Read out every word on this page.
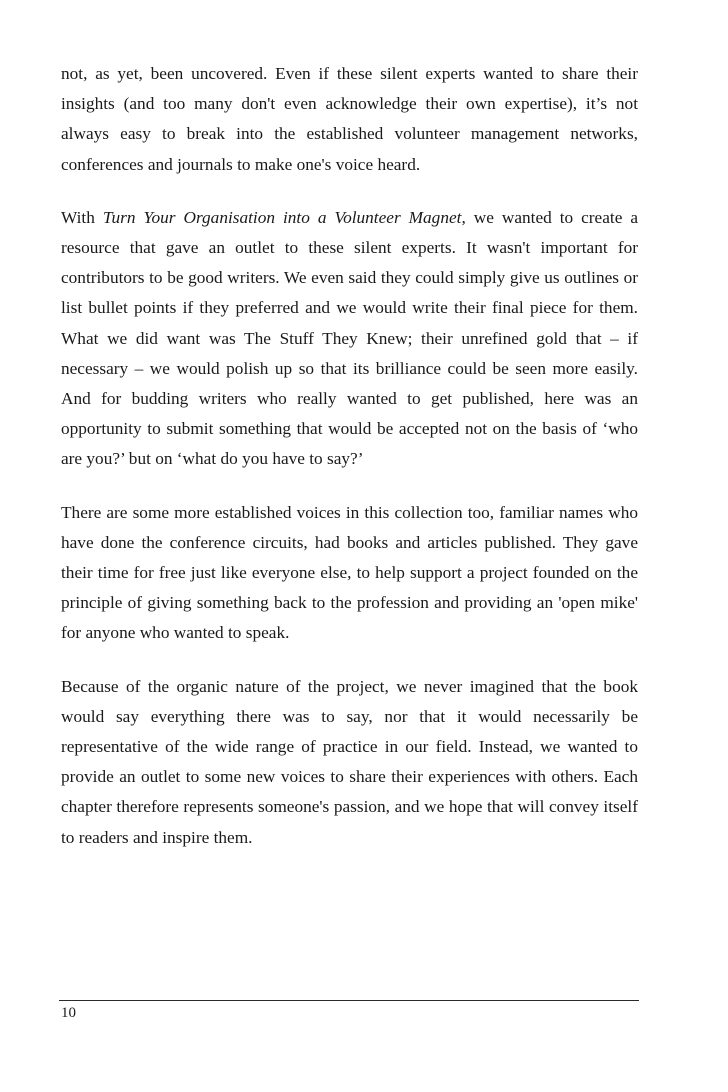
not, as yet, been uncovered. Even if these silent experts wanted to share their insights (and too many don't even acknowledge their own expertise), it’s not always easy to break into the established volunteer management networks, conferences and journals to make one's voice heard.

With Turn Your Organisation into a Volunteer Magnet, we wanted to create a resource that gave an outlet to these silent experts. It wasn't important for contributors to be good writers. We even said they could simply give us outlines or list bullet points if they preferred and we would write their final piece for them. What we did want was The Stuff They Knew; their unrefined gold that – if necessary – we would polish up so that its brilliance could be seen more easily. And for budding writers who really wanted to get published, here was an opportunity to submit something that would be accepted not on the basis of ‘who are you?’ but on ‘what do you have to say?’

There are some more established voices in this collection too, familiar names who have done the conference circuits, had books and articles published. They gave their time for free just like everyone else, to help support a project founded on the principle of giving something back to the profession and providing an 'open mike' for anyone who wanted to speak.

Because of the organic nature of the project, we never imagined that the book would say everything there was to say, nor that it would necessarily be representative of the wide range of practice in our field. Instead, we wanted to provide an outlet to some new voices to share their experiences with others. Each chapter therefore represents someone's passion, and we hope that will convey itself to readers and inspire them.

10
